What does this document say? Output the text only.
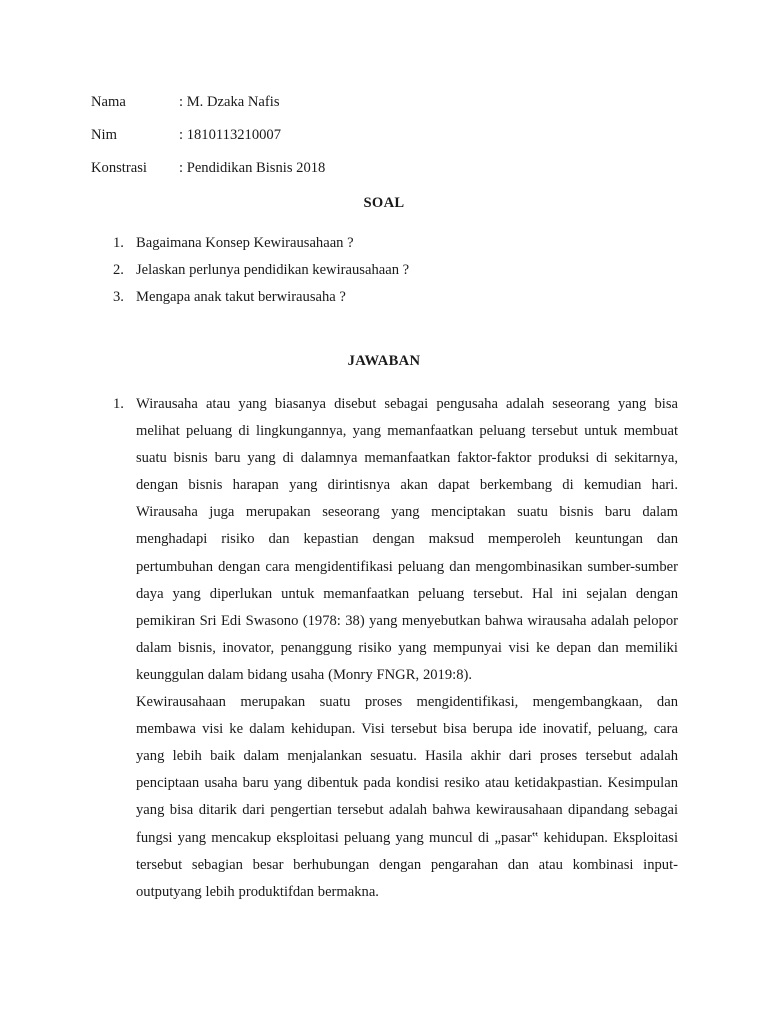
Nama	: M. Dzaka Nafis
Nim	: 1810113210007
Konstrasi : Pendidikan Bisnis 2018
SOAL
1. Bagaimana Konsep Kewirausahaan ?
2. Jelaskan perlunya pendidikan kewirausahaan ?
3. Mengapa anak takut berwirausaha ?
JAWABAN
1. Wirausaha atau yang biasanya disebut sebagai pengusaha adalah seseorang yang bisa melihat peluang di lingkungannya, yang memanfaatkan peluang tersebut untuk membuat suatu bisnis baru yang di dalamnya memanfaatkan faktor-faktor produksi di sekitarnya, dengan bisnis harapan yang dirintisnya akan dapat berkembang di kemudian hari. Wirausaha juga merupakan seseorang yang menciptakan suatu bisnis baru dalam menghadapi risiko dan kepastian dengan maksud memperoleh keuntungan dan pertumbuhan dengan cara mengidentifikasi peluang dan mengombinasikan sumber-sumber daya yang diperlukan untuk memanfaatkan peluang tersebut. Hal ini sejalan dengan pemikiran Sri Edi Swasono (1978: 38) yang menyebutkan bahwa wirausaha adalah pelopor dalam bisnis, inovator, penanggung risiko yang mempunyai visi ke depan dan memiliki keunggulan dalam bidang usaha (Monry FNGR, 2019:8).

Kewirausahaan merupakan suatu proses mengidentifikasi, mengembangkaan, dan membawa visi ke dalam kehidupan. Visi tersebut bisa berupa ide inovatif, peluang, cara yang lebih baik dalam menjalankan sesuatu. Hasila akhir dari proses tersebut adalah penciptaan usaha baru yang dibentuk pada kondisi resiko atau ketidakpastian. Kesimpulan yang bisa ditarik dari pengertian tersebut adalah bahwa kewirausahaan dipandang sebagai fungsi yang mencakup eksploitasi peluang yang muncul di „pasar‟ kehidupan. Eksploitasi tersebut sebagian besar berhubungan dengan pengarahan dan atau kombinasi input-outputyang lebih produktifdan bermakna.
